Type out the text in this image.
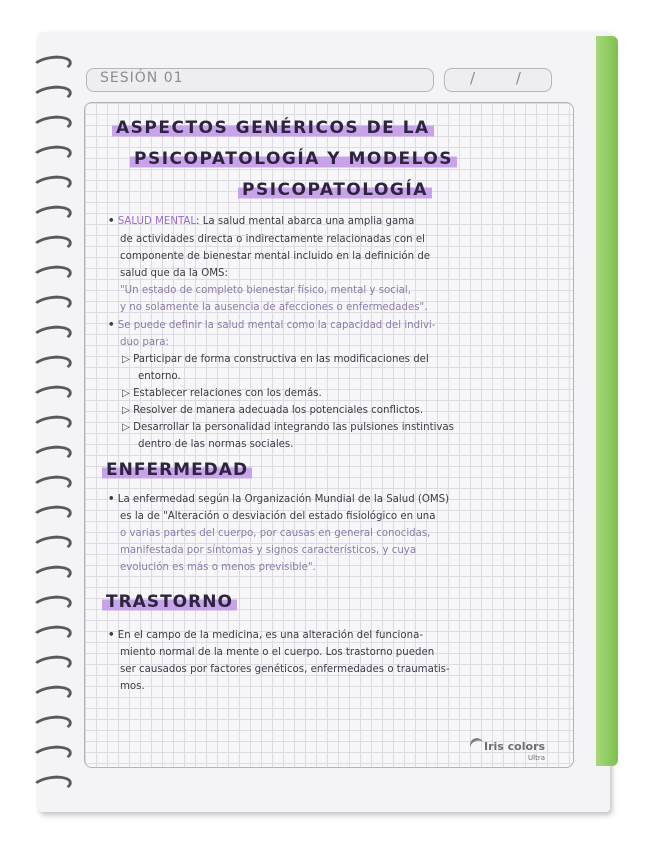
SESIÓN 01	/ /
ASPECTOS GENÉRICOS DE LA
PSICOPATOLOGÍA Y MODELOS
PSICOPATOLOGÍA
• SALUD MENTAL: La salud mental abarca una amplia gama
de actividades directa o indirectamente relacionadas con el
componente de bienestar mental incluido en la definición de
salud que da la OMS:
"Un estado de completo bienestar físico, mental y social,
y no solamente la ausencia de afecciones o enfermedades".
• Se puede definir la salud mental como la capacidad del indivi-
duo para:
▷ Participar de forma constructiva en las modificaciones del
entorno.
▷ Establecer relaciones con los demás.
▷ Resolver de manera adecuada los potenciales conflictos.
▷ Desarrollar la personalidad integrando las pulsiones instintivas
dentro de las normas sociales.
ENFERMEDAD
• La enfermedad según la Organización Mundial de la Salud (OMS)
es la de "Alteración o desviación del estado fisiológico en una
o varias partes del cuerpo, por causas en general conocidas,
manifestada por síntomas y signos característicos, y cuya
evolución es más o menos previsible".
TRASTORNO
• En el campo de la medicina, es una alteración del funciona-
miento normal de la mente o el cuerpo. Los trastorno pueden
ser causados por factores genéticos, enfermedades o traumatis-
mos.
Iris colors
Ultra
